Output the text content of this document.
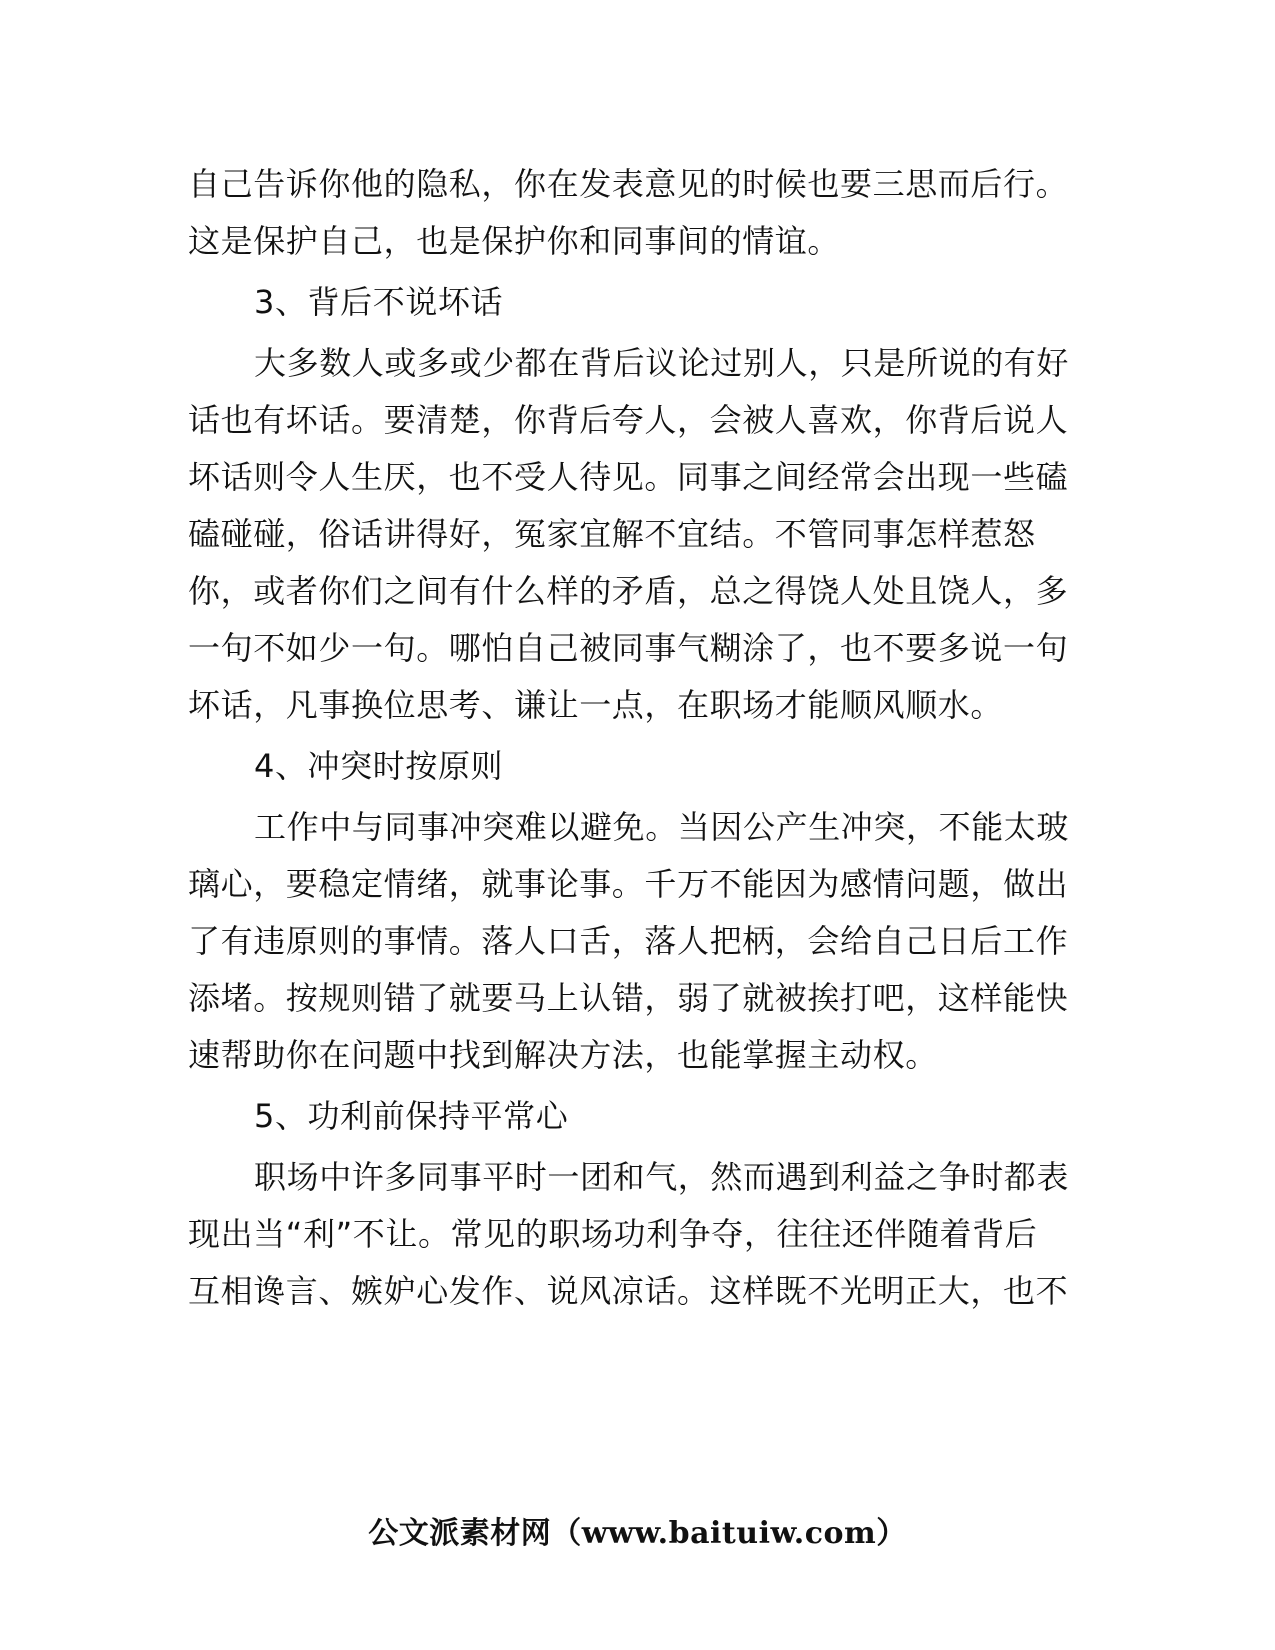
自己告诉你他的隐私，你在发表意见的时候也要三思而后行。
这是保护自己，也是保护你和同事间的情谊。
3、背后不说坏话
大多数人或多或少都在背后议论过别人，只是所说的有好
话也有坏话。要清楚，你背后夸人，会被人喜欢，你背后说人
坏话则令人生厌，也不受人待见。同事之间经常会出现一些磕
磕碰碰，俗话讲得好，冤家宜解不宜结。不管同事怎样惹怒
你，或者你们之间有什么样的矛盾，总之得饶人处且饶人，多
一句不如少一句。哪怕自己被同事气糊涂了，也不要多说一句
坏话，凡事换位思考、谦让一点，在职场才能顺风顺水。
4、冲突时按原则
工作中与同事冲突难以避免。当因公产生冲突，不能太玻
璃心，要稳定情绪，就事论事。千万不能因为感情问题，做出
了有违原则的事情。落人口舌，落人把柄，会给自己日后工作
添堵。按规则错了就要马上认错，弱了就被挨打吧，这样能快
速帮助你在问题中找到解决方法，也能掌握主动权。
5、功利前保持平常心
职场中许多同事平时一团和气，然而遇到利益之争时都表
现出当“利”不让。常见的职场功利争夺，往往还伴随着背后
互相谗言、嫉妒心发作、说风凉话。这样既不光明正大，也不
公文派素材网（www.baituiw.com）
